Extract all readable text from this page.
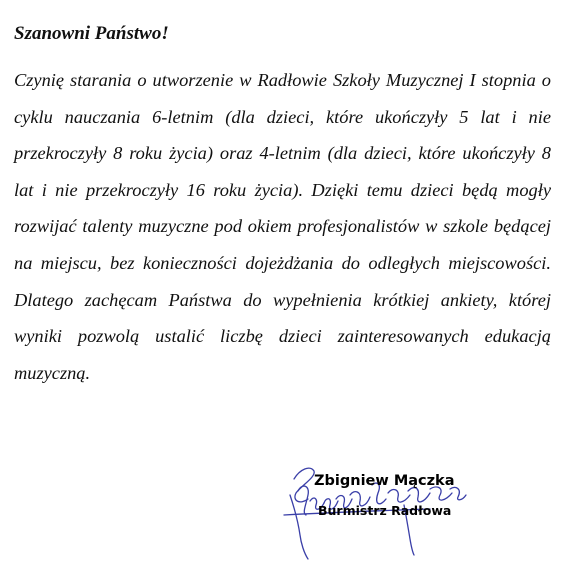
Szanowni Państwo!

Czynię starania o utworzenie w Radłowie Szkoły Muzycznej I stopnia o cyklu nauczania 6-letnim (dla dzieci, które ukończyły 5 lat i nie przekroczyły 8 roku życia) oraz 4-letnim (dla dzieci, które ukończyły 8 lat i nie przekroczyły 16 roku życia). Dzięki temu dzieci będą mogły rozwijać talenty muzyczne pod okiem profesjonalistów w szkole będącej na miejscu, bez konieczności dojeżdżania do odległych miejscowości. Dlatego zachęcam Państwa do wypełnienia krótkiej ankiety, której wyniki pozwolą ustalić liczbę dzieci zainteresowanych edukacją muzyczną.

Zbigniew Mączka
Burmistrz Radłowa
